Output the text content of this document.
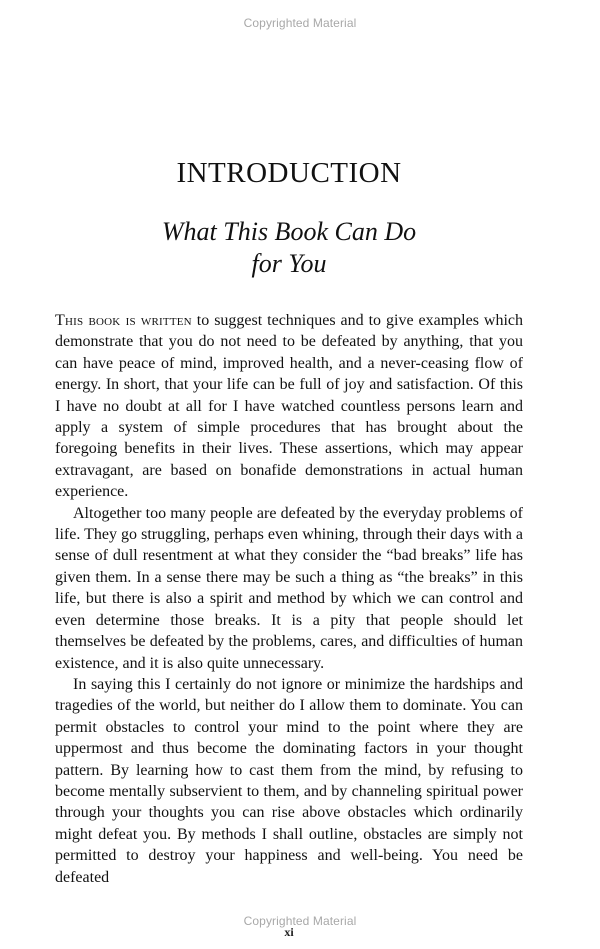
Copyrighted Material
INTRODUCTION
What This Book Can Do
for You

This book is written to suggest techniques and to give examples which demonstrate that you do not need to be defeated by anything, that you can have peace of mind, improved health, and a never-ceasing flow of energy. In short, that your life can be full of joy and satisfaction. Of this I have no doubt at all for I have watched countless persons learn and apply a system of simple procedures that has brought about the foregoing benefits in their lives. These assertions, which may appear extravagant, are based on bonafide demonstrations in actual human experience.

Altogether too many people are defeated by the everyday problems of life. They go struggling, perhaps even whining, through their days with a sense of dull resentment at what they consider the “bad breaks” life has given them. In a sense there may be such a thing as “the breaks” in this life, but there is also a spirit and method by which we can control and even determine those breaks. It is a pity that people should let themselves be defeated by the problems, cares, and difficulties of human existence, and it is also quite unnecessary.

In saying this I certainly do not ignore or minimize the hardships and tragedies of the world, but neither do I allow them to dominate. You can permit obstacles to control your mind to the point where they are uppermost and thus become the dominating factors in your thought pattern. By learning how to cast them from the mind, by refusing to become mentally subservient to them, and by channeling spiritual power through your thoughts you can rise above obstacles which ordinarily might defeat you. By methods I shall outline, obstacles are simply not permitted to destroy your happiness and well-being. You need be defeated

xi
Copyrighted Material
